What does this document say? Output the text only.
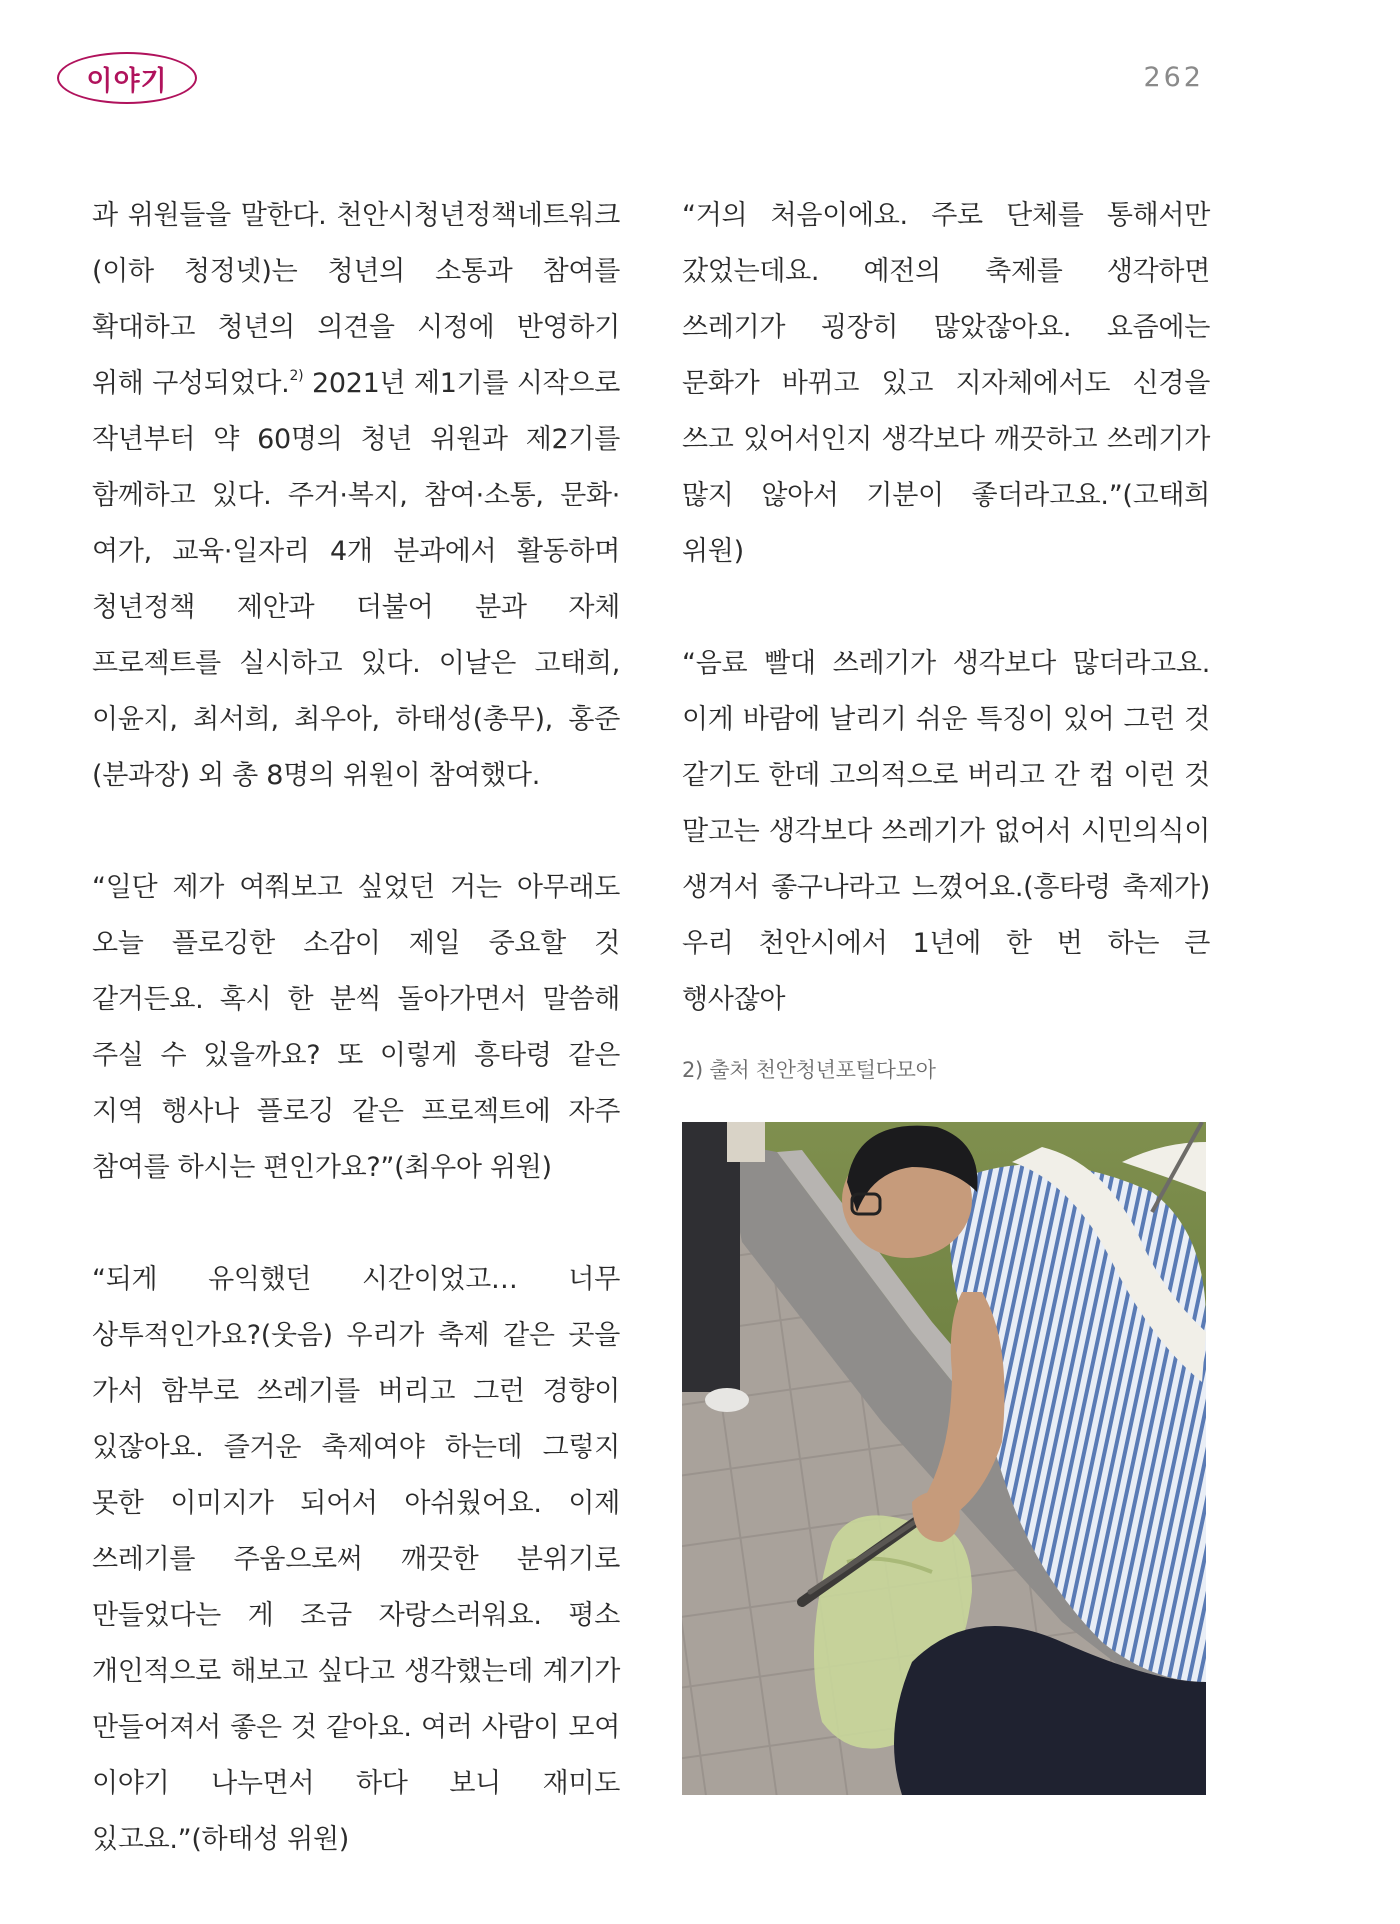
이야기	262

과 위원들을 말한다. 천안시청년정책네트워크(이하 청정넷)는 청년의 소통과 참여를 확대하고 청년의 의견을 시정에 반영하기 위해 구성되었다.$^{2)}$ 2021년 제1기를 시작으로 작년부터 약 60명의 청년 위원과 제2기를 함께하고 있다. 주거·복지, 참여·소통, 문화·여가, 교육·일자리 4개 분과에서 활동하며 청년정책 제안과 더불어 분과 자체 프로젝트를 실시하고 있다. 이날은 고태희, 이윤지, 최서희, 최우아, 하태성(총무), 홍준(분과장) 외 총 8명의 위원이 참여했다.

“일단 제가 여쭤보고 싶었던 거는 아무래도 오늘 플로깅한 소감이 제일 중요할 것 같거든요. 혹시 한 분씩 돌아가면서 말씀해 주실 수 있을까요? 또 이렇게 흥타령 같은 지역 행사나 플로깅 같은 프로젝트에 자주 참여를 하시는 편인가요?”(최우아 위원)

“되게 유익했던 시간이었고… 너무 상투적인가요?(웃음) 우리가 축제 같은 곳을 가서 함부로 쓰레기를 버리고 그런 경향이 있잖아요. 즐거운 축제여야 하는데 그렇지 못한 이미지가 되어서 아쉬웠어요. 이제 쓰레기를 주움으로써 깨끗한 분위기로 만들었다는 게 조금 자랑스러워요. 평소 개인적으로 해보고 싶다고 생각했는데 계기가 만들어져서 좋은 것 같아요. 여러 사람이 모여 이야기 나누면서 하다 보니 재미도 있고요.”(하태성 위원)

“거의 처음이에요. 주로 단체를 통해서만 갔었는데요. 예전의 축제를 생각하면 쓰레기가 굉장히 많았잖아요. 요즘에는 문화가 바뀌고 있고 지자체에서도 신경을 쓰고 있어서인지 생각보다 깨끗하고 쓰레기가 많지 않아서 기분이 좋더라고요.”(고태희 위원)

“음료 빨대 쓰레기가 생각보다 많더라고요. 이게 바람에 날리기 쉬운 특징이 있어 그런 것 같기도 한데 고의적으로 버리고 간 컵 이런 것 말고는 생각보다 쓰레기가 없어서 시민의식이 생겨서 좋구나라고 느꼈어요.(흥타령 축제가) 우리 천안시에서 1년에 한 번 하는 큰 행사잖아

2) 출처 천안청년포털다모아
